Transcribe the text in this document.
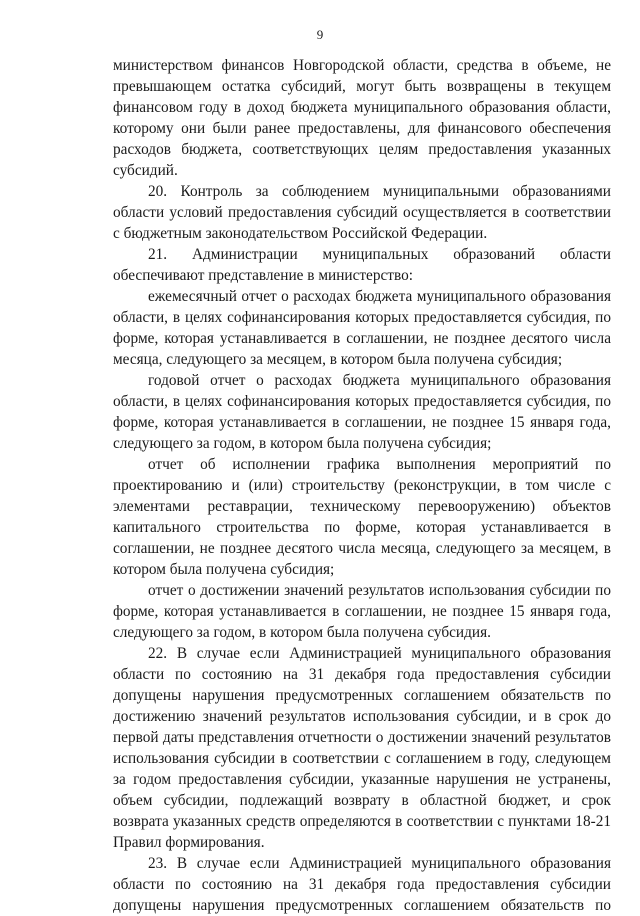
9

министерством финансов Новгородской области, средства в объеме, не превышающем остатка субсидий, могут быть возвращены в текущем финансовом году в доход бюджета муниципального образования области, которому они были ранее предоставлены, для финансового обеспечения расходов бюджета, соответствующих целям предоставления указанных субсидий.

20. Контроль за соблюдением муниципальными образованиями области условий предоставления субсидий осуществляется в соответствии с бюджетным законодательством Российской Федерации.

21. Администрации муниципальных образований области обеспечивают представление в министерство:

ежемесячный отчет о расходах бюджета муниципального образования области, в целях софинансирования которых предоставляется субсидия, по форме, которая устанавливается в соглашении, не позднее десятого числа месяца, следующего за месяцем, в котором была получена субсидия;

годовой отчет о расходах бюджета муниципального образования области, в целях софинансирования которых предоставляется субсидия, по форме, которая устанавливается в соглашении, не позднее 15 января года, следующего за годом, в котором была получена субсидия;

отчет об исполнении графика выполнения мероприятий по проектированию и (или) строительству (реконструкции, в том числе с элементами реставрации, техническому перевооружению) объектов капитального строительства по форме, которая устанавливается в соглашении, не позднее десятого числа месяца, следующего за месяцем, в котором была получена субсидия;

отчет о достижении значений результатов использования субсидии по форме, которая устанавливается в соглашении, не позднее 15 января года, следующего за годом, в котором была получена субсидия.

22. В случае если Администрацией муниципального образования области по состоянию на 31 декабря года предоставления субсидии допущены нарушения предусмотренных соглашением обязательств по достижению значений результатов использования субсидии, и в срок до первой даты представления отчетности о достижении значений результатов использования субсидии в соответствии с соглашением в году, следующем за годом предоставления субсидии, указанные нарушения не устранены, объем субсидии, подлежащий возврату в областной бюджет, и срок возврата указанных средств определяются в соответствии с пунктами 18-21 Правил формирования.

23. В случае если Администрацией муниципального образования области по состоянию на 31 декабря года предоставления субсидии допущены нарушения предусмотренных соглашением обязательств по
